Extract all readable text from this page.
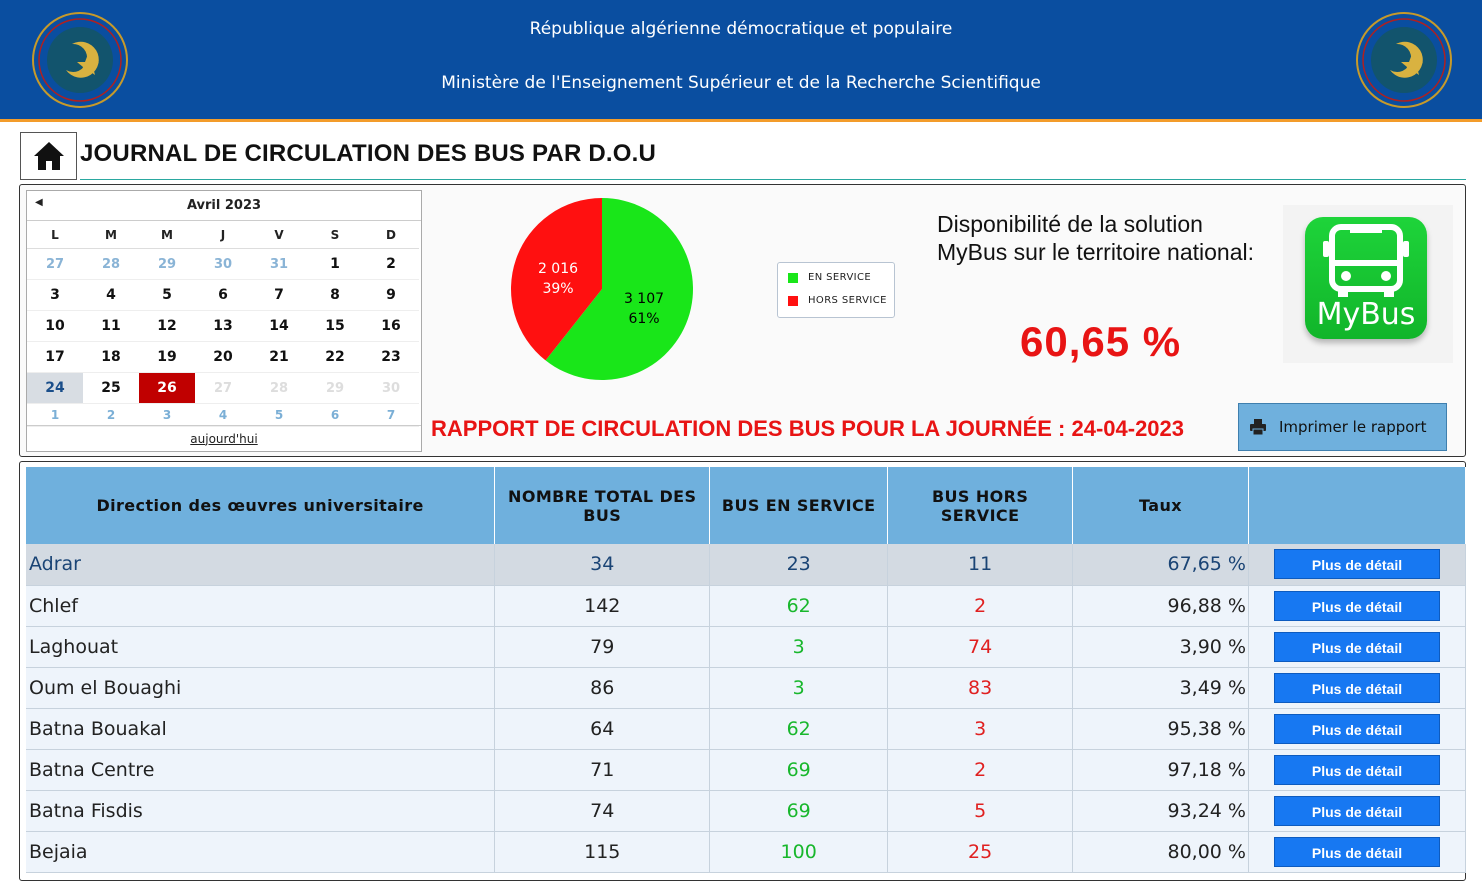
République algérienne démocratique et populaire
Ministère de l'Enseignement Supérieur et de la Recherche Scientifique
JOURNAL DE CIRCULATION DES BUS PAR D.O.U
◀	Avril 2023
L	M	M	J	V	S	D
27	28	29	30	31	1	2
3	4	5	6	7	8	9
10	11	12	13	14	15	16
17	18	19	20	21	22	23
24	25	26	27	28	29	30
1	2	3	4	5	6	7
aujourd'hui
3 107
61%
2 016
39%
EN SERVICE
HORS SERVICE
Disponibilité de la solution
MyBus sur le territoire national:
60,65 %
MyBus
RAPPORT DE CIRCULATION DES BUS POUR LA JOURNÉE : 24-04-2023	Imprimer le rapport
Direction des œuvres universitaire	NOMBRE TOTAL DES BUS	BUS EN SERVICE	BUS HORS SERVICE	Taux	
Adrar	34	23	11	67,65 %	Plus de détail
Chlef	142	62	2	96,88 %	Plus de détail
Laghouat	79	3	74	3,90 %	Plus de détail
Oum el Bouaghi	86	3	83	3,49 %	Plus de détail
Batna Bouakal	64	62	3	95,38 %	Plus de détail
Batna Centre	71	69	2	97,18 %	Plus de détail
Batna Fisdis	74	69	5	93,24 %	Plus de détail
Bejaia	115	100	25	80,00 %	Plus de détail
